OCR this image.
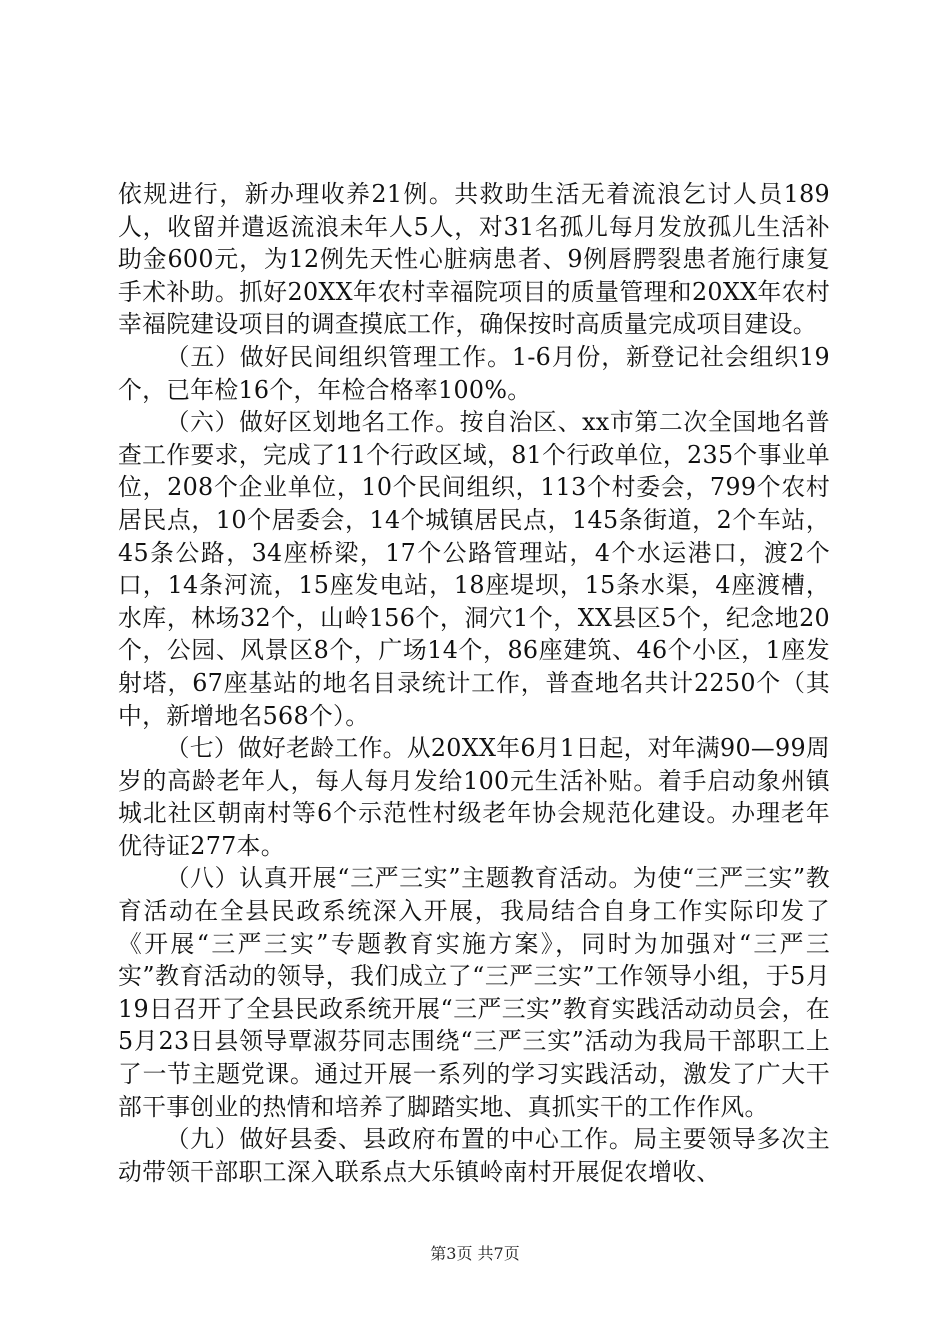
依规进行，新办理收养21例。共救助生活无着流浪乞讨人员189人，收留并遣返流浪未年人5人，对31名孤儿每月发放孤儿生活补助金600元，为12例先天性心脏病患者、9例唇腭裂患者施行康复手术补助。抓好20XX年农村幸福院项目的质量管理和20XX年农村幸福院建设项目的调查摸底工作，确保按时高质量完成项目建设。

（五）做好民间组织管理工作。1-6月份，新登记社会组织19个，已年检16个，年检合格率100%。

（六）做好区划地名工作。按自治区、xx市第二次全国地名普查工作要求，完成了11个行政区域，81个行政单位，235个事业单位，208个企业单位，10个民间组织，113个村委会，799个农村居民点，10个居委会，14个城镇居民点，145条街道，2个车站，45条公路，34座桥梁，17个公路管理站，4个水运港口，渡2个口，14条河流，15座发电站，18座堤坝，15条水渠，4座渡槽，水库，林场32个，山岭156个，洞穴1个，XX县区5个，纪念地20个，公园、风景区8个，广场14个，86座建筑、46个小区，1座发射塔，67座基站的地名目录统计工作，普查地名共计2250个（其中，新增地名568个）。

（七）做好老龄工作。从20XX年6月1日起，对年满90—99周岁的高龄老年人，每人每月发给100元生活补贴。着手启动象州镇城北社区朝南村等6个示范性村级老年协会规范化建设。办理老年优待证277本。

（八）认真开展“三严三实”主题教育活动。为使“三严三实”教育活动在全县民政系统深入开展，我局结合自身工作实际印发了《开展“三严三实”专题教育实施方案》，同时为加强对“三严三实”教育活动的领导，我们成立了“三严三实”工作领导小组，于5月19日召开了全县民政系统开展“三严三实”教育实践活动动员会，在5月23日县领导覃淑芬同志围绕“三严三实”活动为我局干部职工上了一节主题党课。通过开展一系列的学习实践活动，激发了广大干部干事创业的热情和培养了脚踏实地、真抓实干的工作作风。

（九）做好县委、县政府布置的中心工作。局主要领导多次主动带领干部职工深入联系点大乐镇岭南村开展促农增收、

第3页 共7页
